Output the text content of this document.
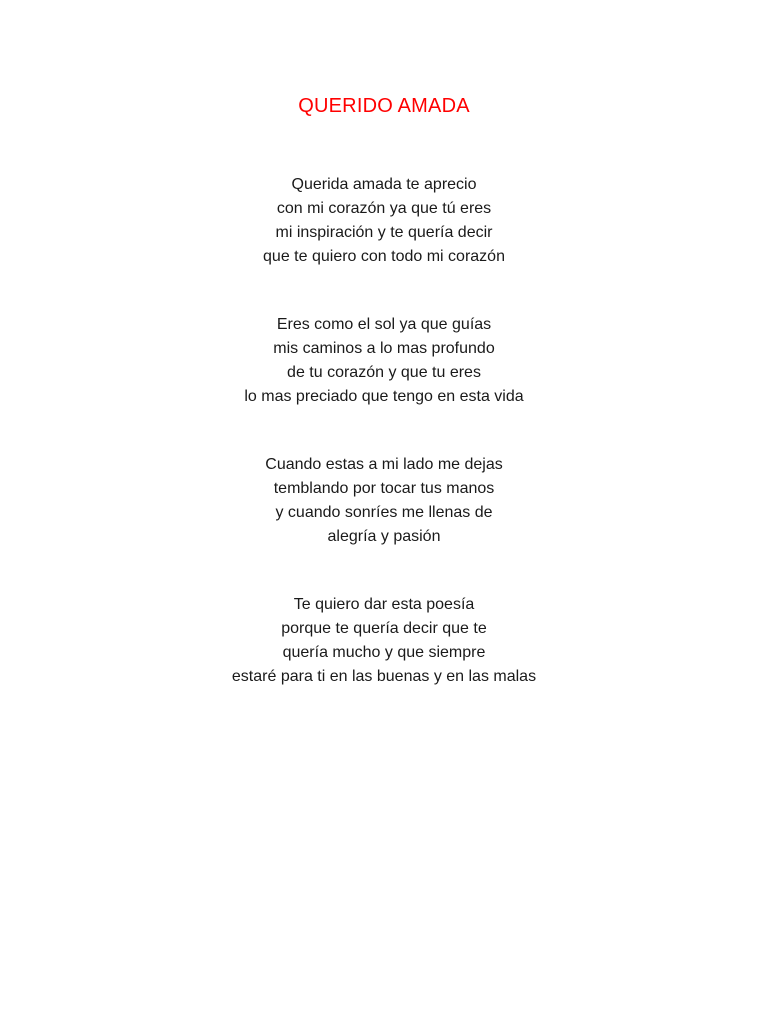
QUERIDO AMADA
Querida amada te aprecio
con mi corazón ya que tú eres
mi inspiración y te quería decir
que te quiero con todo mi corazón
Eres como el sol ya que guías
mis caminos a lo mas profundo
de tu corazón y que tu eres
lo mas preciado que tengo en esta vida
Cuando estas a mi lado me dejas
temblando por tocar tus manos
y cuando sonríes me llenas de
alegría y pasión
Te quiero dar esta poesía
porque te quería decir que te
quería mucho y que siempre
estaré para ti en las buenas y en las malas
